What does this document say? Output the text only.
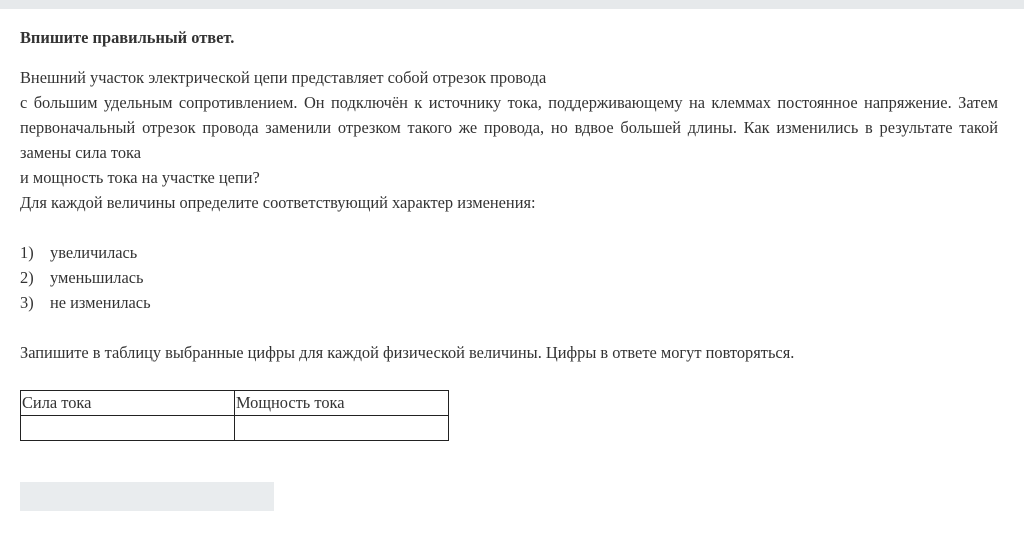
Впишите правильный ответ.

Внешний участок электрической цепи представляет собой отрезок провода
с большим удельным сопротивлением. Он подключён к источнику тока, поддерживающему на клеммах постоянное напряжение. Затем первоначальный отрезок провода заменили отрезком такого же провода, но вдвое большей длины. Как изменились в результате такой замены сила тока
и мощность тока на участке цепи?
Для каждой величины определите соответствующий характер изменения:
1) увеличилась
2) уменьшилась
3) не изменилась
Запишите в таблицу выбранные цифры для каждой физической величины. Цифры в ответе могут повторяться.
Сила тока	Мощность тока
